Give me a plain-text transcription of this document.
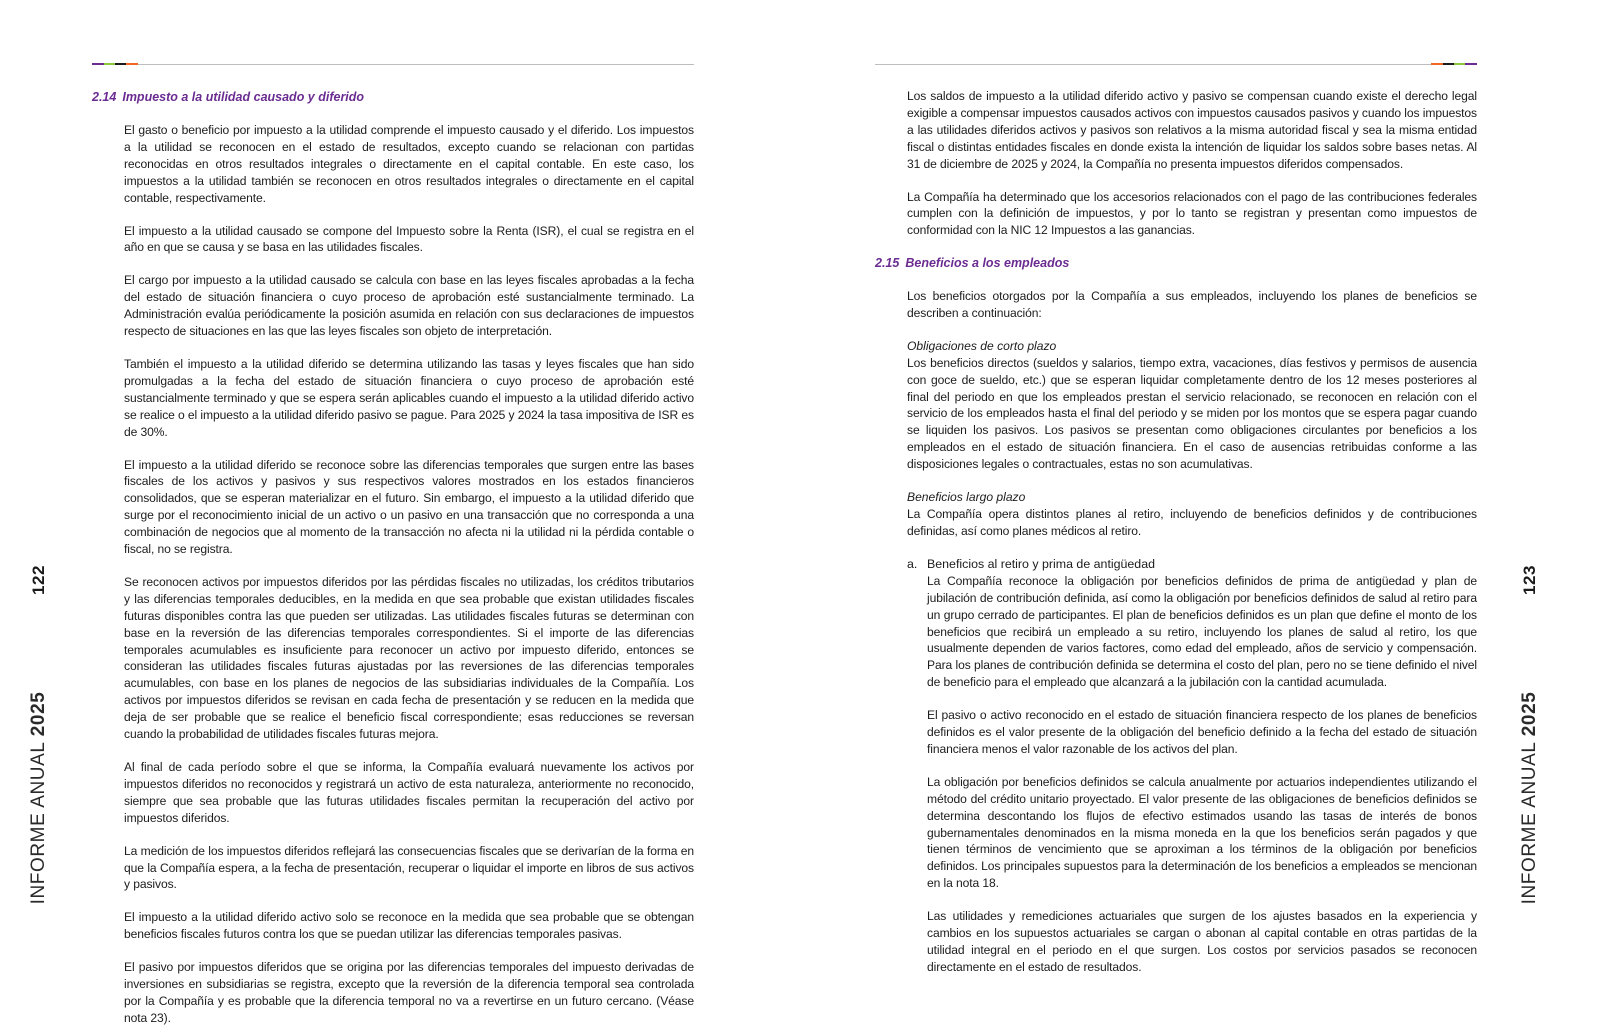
122
INFORME ANUAL 2025
123
INFORME ANUAL 2025
2.14 Impuesto a la utilidad causado y diferido

El gasto o beneficio por impuesto a la utilidad comprende el impuesto causado y el diferido. Los impuestos a la utilidad se reconocen en el estado de resultados, excepto cuando se relacionan con partidas reconocidas en otros resultados integrales o directamente en el capital contable. En este caso, los impuestos a la utilidad también se reconocen en otros resultados integrales o directamente en el capital contable, respectivamente.

El impuesto a la utilidad causado se compone del Impuesto sobre la Renta (ISR), el cual se registra en el año en que se causa y se basa en las utilidades fiscales.

El cargo por impuesto a la utilidad causado se calcula con base en las leyes fiscales aprobadas a la fecha del estado de situación financiera o cuyo proceso de aprobación esté sustancialmente terminado. La Administración evalúa periódicamente la posición asumida en relación con sus declaraciones de impuestos respecto de situaciones en las que las leyes fiscales son objeto de interpretación.

También el impuesto a la utilidad diferido se determina utilizando las tasas y leyes fiscales que han sido promulgadas a la fecha del estado de situación financiera o cuyo proceso de aprobación esté sustancialmente terminado y que se espera serán aplicables cuando el impuesto a la utilidad diferido activo se realice o el impuesto a la utilidad diferido pasivo se pague. Para 2025 y 2024 la tasa impositiva de ISR es de 30%.

El impuesto a la utilidad diferido se reconoce sobre las diferencias temporales que surgen entre las bases fiscales de los activos y pasivos y sus respectivos valores mostrados en los estados financieros consolidados, que se esperan materializar en el futuro. Sin embargo, el impuesto a la utilidad diferido que surge por el reconocimiento inicial de un activo o un pasivo en una transacción que no corresponda a una combinación de negocios que al momento de la transacción no afecta ni la utilidad ni la pérdida contable o fiscal, no se registra.

Se reconocen activos por impuestos diferidos por las pérdidas fiscales no utilizadas, los créditos tributarios y las diferencias temporales deducibles, en la medida en que sea probable que existan utilidades fiscales futuras disponibles contra las que pueden ser utilizadas. Las utilidades fiscales futuras se determinan con base en la reversión de las diferencias temporales correspondientes. Si el importe de las diferencias temporales acumulables es insuficiente para reconocer un activo por impuesto diferido, entonces se consideran las utilidades fiscales futuras ajustadas por las reversiones de las diferencias temporales acumulables, con base en los planes de negocios de las subsidiarias individuales de la Compañía. Los activos por impuestos diferidos se revisan en cada fecha de presentación y se reducen en la medida que deja de ser probable que se realice el beneficio fiscal correspondiente; esas reducciones se reversan cuando la probabilidad de utilidades fiscales futuras mejora.

Al final de cada período sobre el que se informa, la Compañía evaluará nuevamente los activos por impuestos diferidos no reconocidos y registrará un activo de esta naturaleza, anteriormente no reconocido, siempre que sea probable que las futuras utilidades fiscales permitan la recuperación del activo por impuestos diferidos.

La medición de los impuestos diferidos reflejará las consecuencias fiscales que se derivarían de la forma en que la Compañía espera, a la fecha de presentación, recuperar o liquidar el importe en libros de sus activos y pasivos.

El impuesto a la utilidad diferido activo solo se reconoce en la medida que sea probable que se obtengan beneficios fiscales futuros contra los que se puedan utilizar las diferencias temporales pasivas.

El pasivo por impuestos diferidos que se origina por las diferencias temporales del impuesto derivadas de inversiones en subsidiarias se registra, excepto que la reversión de la diferencia temporal sea controlada por la Compañía y es probable que la diferencia temporal no va a revertirse en un futuro cercano. (Véase nota 23).

Los saldos de impuesto a la utilidad diferido activo y pasivo se compensan cuando existe el derecho legal exigible a compensar impuestos causados activos con impuestos causados pasivos y cuando los impuestos a las utilidades diferidos activos y pasivos son relativos a la misma autoridad fiscal y sea la misma entidad fiscal o distintas entidades fiscales en donde exista la intención de liquidar los saldos sobre bases netas. Al 31 de diciembre de 2025 y 2024, la Compañía no presenta impuestos diferidos compensados.

La Compañía ha determinado que los accesorios relacionados con el pago de las contribuciones federales cumplen con la definición de impuestos, y por lo tanto se registran y presentan como impuestos de conformidad con la NIC 12 Impuestos a las ganancias.

2.15 Beneficios a los empleados

Los beneficios otorgados por la Compañía a sus empleados, incluyendo los planes de beneficios se describen a continuación:

Obligaciones de corto plazo

Los beneficios directos (sueldos y salarios, tiempo extra, vacaciones, días festivos y permisos de ausencia con goce de sueldo, etc.) que se esperan liquidar completamente dentro de los 12 meses posteriores al final del periodo en que los empleados prestan el servicio relacionado, se reconocen en relación con el servicio de los empleados hasta el final del periodo y se miden por los montos que se espera pagar cuando se liquiden los pasivos. Los pasivos se presentan como obligaciones circulantes por beneficios a los empleados en el estado de situación financiera. En el caso de ausencias retribuidas conforme a las disposiciones legales o contractuales, estas no son acumulativas.

Beneficios largo plazo

La Compañía opera distintos planes al retiro, incluyendo de beneficios definidos y de contribuciones definidas, así como planes médicos al retiro.

a. Beneficios al retiro y prima de antigüedad

La Compañía reconoce la obligación por beneficios definidos de prima de antigüedad y plan de jubilación de contribución definida, así como la obligación por beneficios definidos de salud al retiro para un grupo cerrado de participantes. El plan de beneficios definidos es un plan que define el monto de los beneficios que recibirá un empleado a su retiro, incluyendo los planes de salud al retiro, los que usualmente dependen de varios factores, como edad del empleado, años de servicio y compensación. Para los planes de contribución definida se determina el costo del plan, pero no se tiene definido el nivel de beneficio para el empleado que alcanzará a la jubilación con la cantidad acumulada.

El pasivo o activo reconocido en el estado de situación financiera respecto de los planes de beneficios definidos es el valor presente de la obligación del beneficio definido a la fecha del estado de situación financiera menos el valor razonable de los activos del plan.

La obligación por beneficios definidos se calcula anualmente por actuarios independientes utilizando el método del crédito unitario proyectado. El valor presente de las obligaciones de beneficios definidos se determina descontando los flujos de efectivo estimados usando las tasas de interés de bonos gubernamentales denominados en la misma moneda en la que los beneficios serán pagados y que tienen términos de vencimiento que se aproximan a los términos de la obligación por beneficios definidos. Los principales supuestos para la determinación de los beneficios a empleados se mencionan en la nota 18.

Las utilidades y remediciones actuariales que surgen de los ajustes basados en la experiencia y cambios en los supuestos actuariales se cargan o abonan al capital contable en otras partidas de la utilidad integral en el periodo en el que surgen. Los costos por servicios pasados se reconocen directamente en el estado de resultados.
